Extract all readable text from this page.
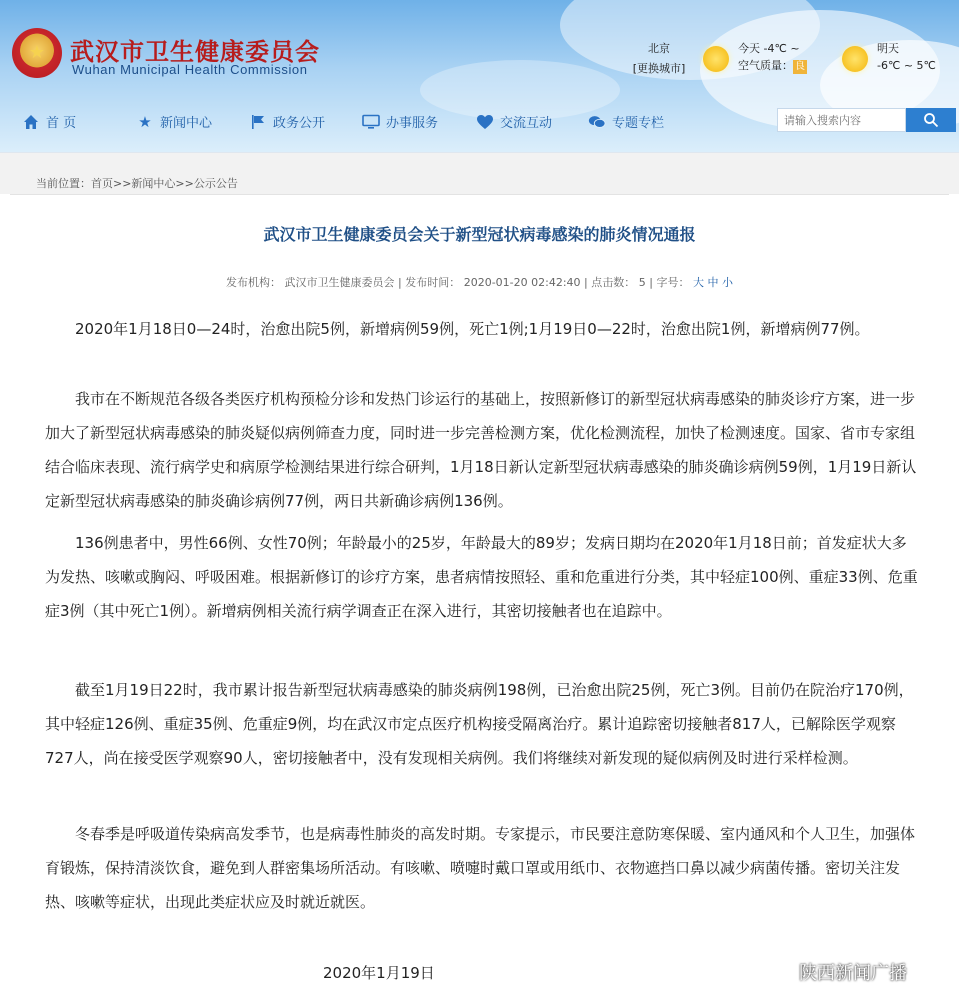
★
武汉市卫生健康委员会
Wuhan Municipal Health Commission
北京
[更换城市]
今天 -4℃ ~
空气质量： 良
明天
-6℃ ~ 5℃
首 页	★ 新闻中心	政务公开	办事服务	交流互动	专题专栏
请输入搜索内容
当前位置：首页>>新闻中心>>公示公告
武汉市卫生健康委员会关于新型冠状病毒感染的肺炎情况通报
发布机构： 武汉市卫生健康委员会 | 发布时间： 2020-01-20 02:42:40 | 点击数： 5 | 字号： 大 中 小

2020年1月18日0—24时，治愈出院5例，新增病例59例，死亡1例;1月19日0—22时，治愈出院1例，新增病例77例。

我市在不断规范各级各类医疗机构预检分诊和发热门诊运行的基础上，按照新修订的新型冠状病毒感染的肺炎诊疗方案，进一步加大了新型冠状病毒感染的肺炎疑似病例筛查力度，同时进一步完善检测方案，优化检测流程，加快了检测速度。国家、省市专家组结合临床表现、流行病学史和病原学检测结果进行综合研判，1月18日新认定新型冠状病毒感染的肺炎确诊病例59例，1月19日新认定新型冠状病毒感染的肺炎确诊病例77例，两日共新确诊病例136例。

136例患者中，男性66例、女性70例；年龄最小的25岁，年龄最大的89岁；发病日期均在2020年1月18日前；首发症状大多为发热、咳嗽或胸闷、呼吸困难。根据新修订的诊疗方案，患者病情按照轻、重和危重进行分类，其中轻症100例、重症33例、危重症3例（其中死亡1例）。新增病例相关流行病学调查正在深入进行，其密切接触者也在追踪中。

截至1月19日22时，我市累计报告新型冠状病毒感染的肺炎病例198例，已治愈出院25例，死亡3例。目前仍在院治疗170例，其中轻症126例、重症35例、危重症9例，均在武汉市定点医疗机构接受隔离治疗。累计追踪密切接触者817人，已解除医学观察727人，尚在接受医学观察90人，密切接触者中，没有发现相关病例。我们将继续对新发现的疑似病例及时进行采样检测。

冬春季是呼吸道传染病高发季节，也是病毒性肺炎的高发时期。专家提示，市民要注意防寒保暖、室内通风和个人卫生，加强体育锻炼，保持清淡饮食，避免到人群密集场所活动。有咳嗽、喷嚏时戴口罩或用纸巾、衣物遮挡口鼻以减少病菌传播。密切关注发热、咳嗽等症状，出现此类症状应及时就近就医。

2020年1月19日	陕西新闻广播
